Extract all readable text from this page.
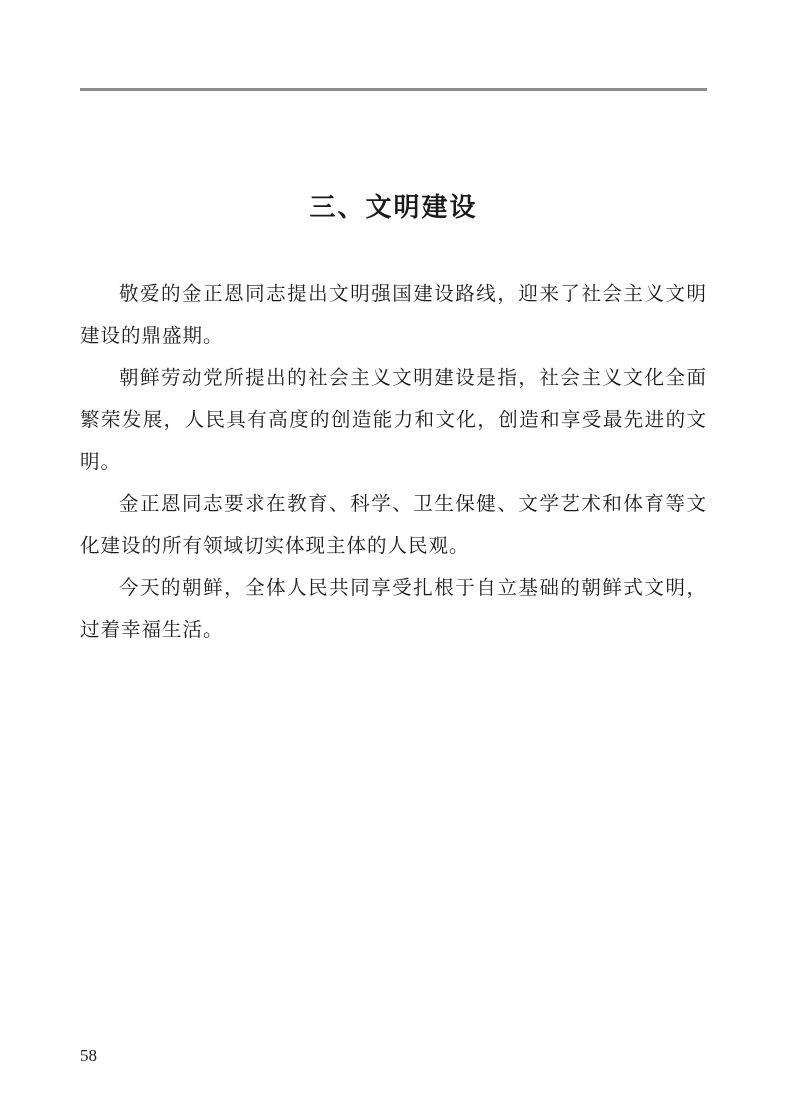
三、文明建设

敬爱的金正恩同志提出文明强国建设路线，迎来了社会主义文明建设的鼎盛期。

朝鲜劳动党所提出的社会主义文明建设是指，社会主义文化全面繁荣发展，人民具有高度的创造能力和文化，创造和享受最先进的文明。

金正恩同志要求在教育、科学、卫生保健、文学艺术和体育等文化建设的所有领域切实体现主体的人民观。

今天的朝鲜，全体人民共同享受扎根于自立基础的朝鲜式文明，过着幸福生活。

58
